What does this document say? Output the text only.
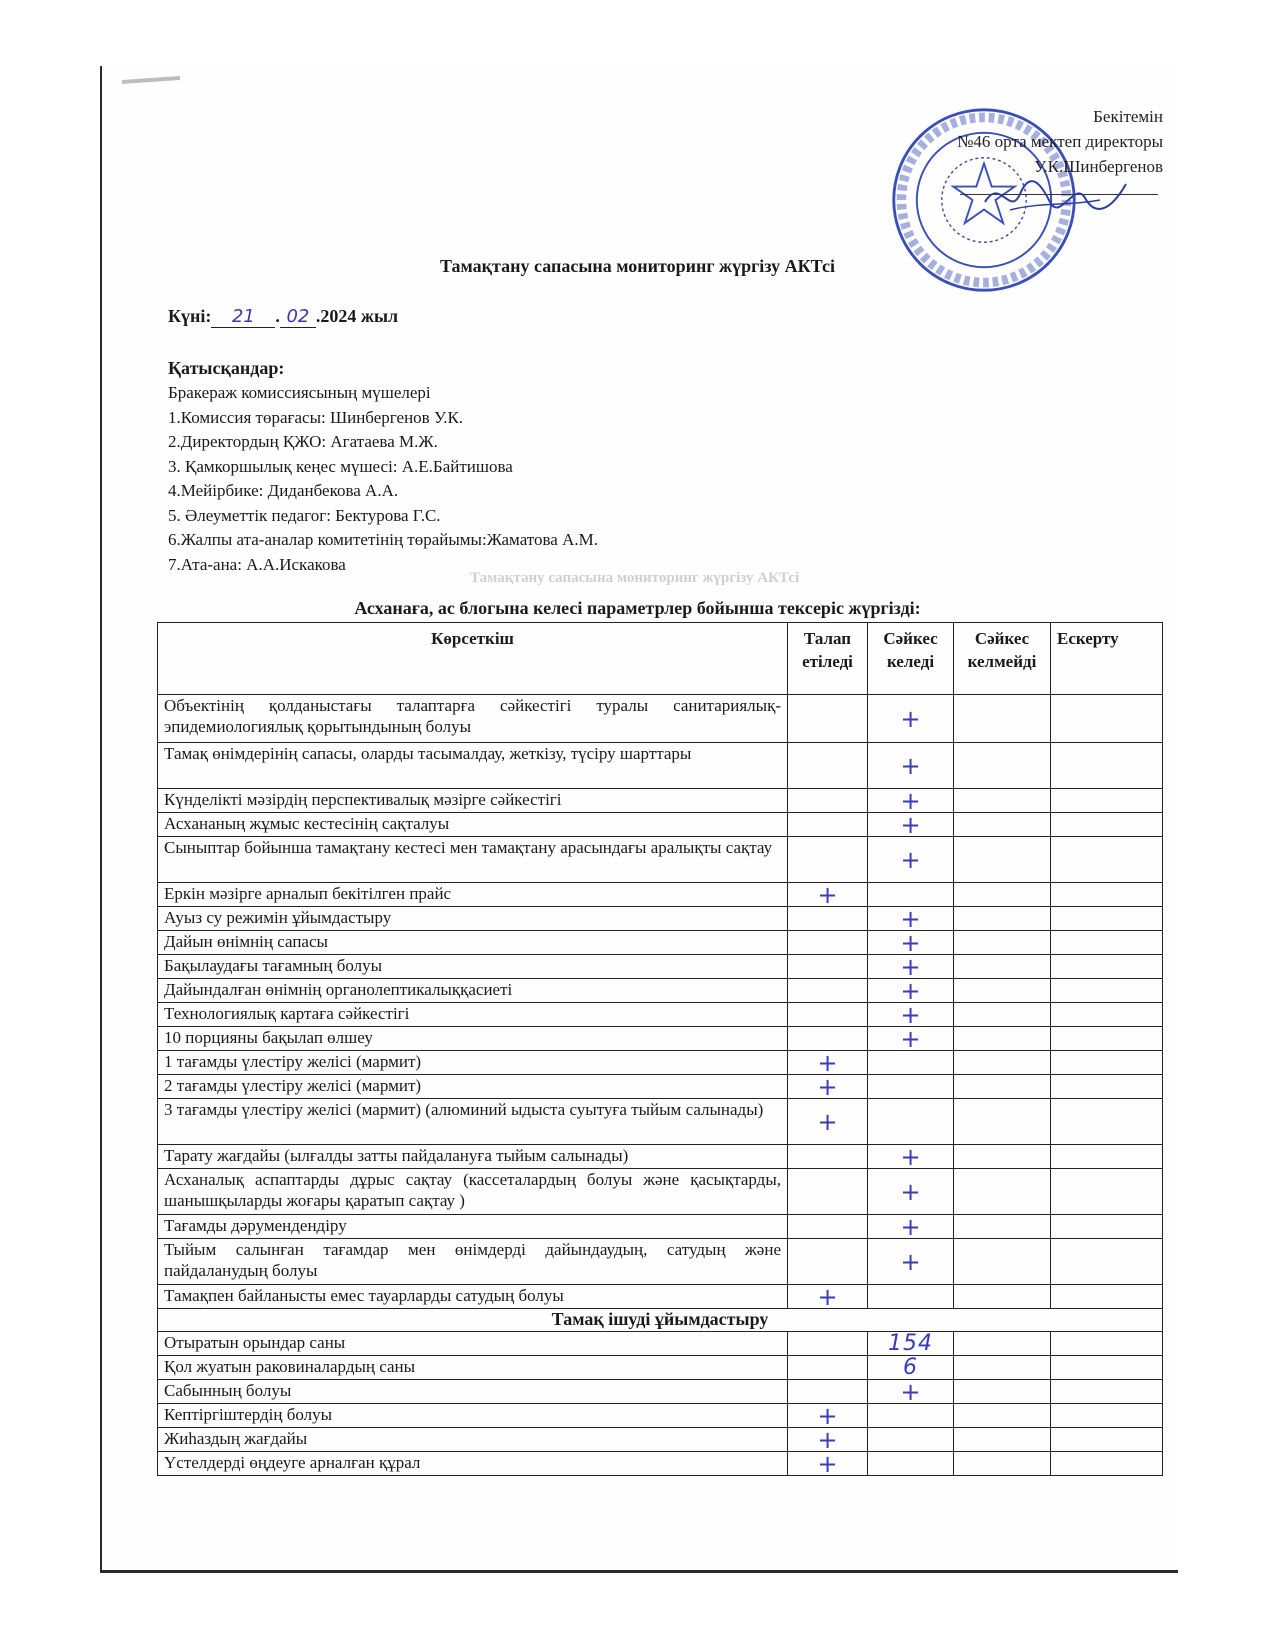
Бекітемін
№46 орта мектеп директоры
У.К.Шинбергенов
Тамақтану сапасына мониторинг жүргізу АКТсі
Күні: 21 . 02 .2024 жыл
Қатысқандар:
Бракераж комиссиясының мүшелері
1.Комиссия төрағасы: Шинбергенов У.К.
2.Директордың ҚЖО: Агатаева М.Ж.
3. Қамкоршылық кеңес мүшесі: А.Е.Байтишова
4.Мейірбике: Диданбекова А.А.
5. Әлеуметтік педагог: Бектурова Г.С.
6.Жалпы ата-аналар комитетінің төрайымы:Жаматова А.М.
7.Ата-ана: А.А.Искакова
Тамақтану сапасына мониторинг жүргізу АКТсі
Асханаға, ас блогына келесі параметрлер бойынша тексеріс жүргізді:
Көрсеткіш	Талап етіледі	Сәйкес келеді	Сәйкес келмейді	Ескерту
Объектінің қолданыстағы талаптарға сәйкестігі туралы санитариялық-эпидемиологиялық қорытындының болуы		+		
Тамақ өнімдерінің сапасы, оларды тасымалдау, жеткізу, түсіру шарттары		+		
Күнделікті мәзірдің перспективалық мәзірге сәйкестігі		+		
Асхананың жұмыс кестесінің сақталуы		+		
Сыныптар бойынша тамақтану кестесі мен тамақтану арасындағы аралықты сақтау		+		
Еркін мәзірге арналып бекітілген прайс	+			
Ауыз су режимін ұйымдастыру		+		
Дайын өнімнің сапасы		+		
Бақылаудағы тағамның болуы		+		
Дайындалған өнімнің органолептикалыққасиеті		+		
Технологиялық картаға сәйкестігі		+		
10 порцияны бақылап өлшеу		+		
1 тағамды үлестіру желісі (мармит)	+			
2 тағамды үлестіру желісі (мармит)	+			
3 тағамды үлестіру желісі (мармит) (алюминий ыдыста суытуға тыйым салынады)	+			
Тарату жағдайы (ылғалды затты пайдалануға тыйым салынады)		+		
Асханалық аспаптарды дұрыс сақтау (кассеталардың болуы және қасықтарды, шанышқыларды жоғары қаратып сақтау )		+		
Тағамды дәрумендендіру		+		
Тыйым салынған тағамдар мен өнімдерді дайындаудың, сатудың және пайдаланудың болуы		+		
Тамақпен байланысты емес тауарларды сатудың болуы	+			
Тамақ ішуді ұйымдастыру				
Отыратын орындар саны		154		
Қол жуатын раковиналардың саны		6		
Сабынның болуы		+		
Кептіргіштердің болуы	+			
Жиһаздың жағдайы	+			
Үстелдерді өңдеуге арналған құрал	+			
